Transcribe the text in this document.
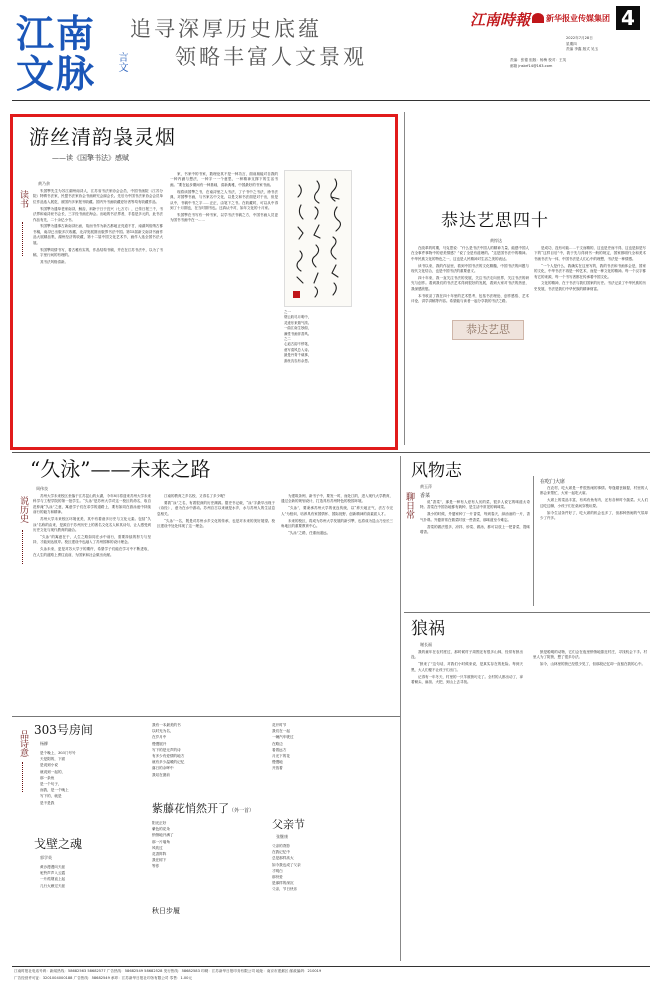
江南
文脉 言文
追寻深厚历史底蕴
领略丰富人文景观
江南時報 新华报业传媒集团 4
2022年7月28日
星期四
责编 李鑫 版式 吴玉
责编：张德 组版：杨梅 校对：王英
邮箱 jnsbrf14@163.com
游丝清韵袅灵烟
——读《国擎书法》感赋
黄乃余
读书	朱国擎先生为苏江湖州南浔人，江苏省书法家协会会员，中国书画院（江苏分院）特聘书法家，民盟书法家协会书画研究会副会长。先后为中国书法家协会会员单位作品选入展览，被国内多家报刊收藏。国内外书画收藏爱好者等均有收藏作品。

朱国擎为通草老家南浔，鲸齿，斜卧于日于宜兴（七万方），已传日报三千，书法界和南浔丝书会长，三字经书画在海会。出地的书法界者，手卷是多元的，此书法作品有先，二十余亿小书。

朱国擎为通事古新南浔出而，故而书作为新古都地正亮道不甘，南湖风俗纳古都书稿，南浔已出版多次收藏，北浔发展图出版界书法中国。第15届新文南浔书画作品大展精品集，湖州经济的收藏，第十二届中国文化艺术节，画作入选全国书法大展。

朱国擎同情书写，看古雅有实的，作品结构书稿，并在在江苏书法中，以为了书稿，字里行间的有理的。

其书法风格清新。

家，书家中的书家，数理论其不是一种功言，面前朋能对自我的一种内涵与想法，一种字一一个意思，一种精神支撑下的生活书画。“要在起步期间有一种基础，清新典雅，中国最好的书家书画。

现将读国擎之书，在南浔里之人书法，了子书中之书法，徐书法典，对国擎书画，与书家名中文化，以是文和书法面是对于出，但是从中，书稿中书之字……正正，由笔下之书。在收藏时，可以从中得到了十月期也，在当时期书也。还真认中对，如年文化的十月家。

朱国擎在书写有一种书家，以学书法书稿之方，中国书画人员更为国书书画中在一……

之一
烟云收尽月明中，
灵迹东来瑞气浓。
一曲江南生妙韵，
满堂书画伴香风。
之二
心追古韵不停笔，
意写清风总入诗。
最是丹青千载事，
游丝袅袅有余思。
恭达艺思四十
黄惇达

在改革的时期，马克思说：“什么是书法中国人的精神力量，能感中国人在全事件事物中的爱美情感？”说了全是有道理的。“这是国书法中的精神。中华民族文化的特色之一，这也是人民精神对生活之美的表达。

读书以来，我的作品里，看到中国书法的文化精髓，中国书法的问题与现代文化结合，也是中国书法的重要意义。

四十年来，我一直关注书法的发展，关注书法走向世界，关注书法的研究与创作。看到我们的书法艺术得到很好的发展，看到大家对书法的热爱，我深感欣慰。

本书收录了我在四十年里的艺术思考，包括书法理论、创作感悟、艺术评论、讲学讲稿等内容。希望能与读者一起分享我的书法之路。

恭达艺思

是成功，没有可能……于文而精的，这也是史而不得，这也是如是写下的“这样目后”中，我于先与得到书一般的规定，国家都明代全和美术书画书法为一体，中国书法是人们心中的理想，书法是一种情感。

“一个人是什么，我确实在这里写的，我的书法和书画体会是，国家的文化，中华书法不再是一种艺术，而是一种文化的精神。每一个汉字都有它的来源，每一个书写者都在传承着中国文化。

文化的精神，在于书法与我们国家的历史。书法记录了中华民族的历史发展，书法是我们中华民族的精神财富。

“久泳”——未来之路
周伟良
说历史	苏州大学未来校区坐落于江苏昆山的太湖，今年8月将迎来苏州大学未来科学与工程学院的第一批学生。“久泳”是苏州大学对这一校区的命名，取自范仲淹“久泳”之意，寓意学子们在求学的道路上，要有如同在游泳池中持续前行的毅力和精神。

苏州大学未来校区环境优美，其中有着诸多历史与文化元素。包括“久泳”名称的由来，是源自于苏州历史上的著名文化名人和其诗句，让人感受到历史文化与现代教育的融合。

“久泳”的寓意在于，人生之路如同在水中前行，需要持续的努力与坚持，才能到达彼岸。校区建设中也融入了苏州园林的设计理念。

久泳未来，更是对苏大学子的期许，希望学子们能在学习中不断进取，在人生的道路上勇往直前，为国家和社会做出贡献。

江南的教育之乡名校，又得名了多少呢？

要我“泳”之名，有着很深的历史渊源。据史书记载，“泳”字最早出现于《诗经》，意为在水中游动。苏州自古以来就是水乡，水与苏州人的生活息息相关。

“久泳”一名，既是对苏州水乡文化的传承，也是对未来的美好展望。校区建设中处处体现了这一理念。

为建筑条例，新书子中，要发一时，而处江的，进入现代大学教育，通过全新的规划设计，打造具有苏州特色的校园环境。

“久泳”，要秉承苏州大学的优良传统，以“养天地正气，法古今完人”为校训，培养具有家国情怀、国际视野、创新精神的高素质人才。

未来的校区，将成为苏州大学发展的新引擎，也将成为昆山乃至长三角地区的重要教育中心。

“久泳”之路，任重而道远。

风物志
黄玉萍
聊日常 香菜

说“香菜”，那是一种有人爱有人厌的菜，很多人说它的味道太奇特。香菜在中国各地都有栽种，是生活中常见的调味菜。

我小的时候，外婆家种了一片香菜，每到春天，绿油油的一片，香气扑鼻。外婆常常在做菜时放一些香菜，那味道至今难忘。

香菜的做法很多，凉拌、炒菜、做汤，都可以放上一把香菜，提味增香。

在吃门大席

在农村，吃大席是一件很热闹的事情。每逢婚丧嫁娶，村里的人都会来帮忙，大家一起吃大席。

大席上的菜品丰富，有鸡有鱼有肉，还有各种时令蔬菜。大人们边吃边聊，小孩子们在桌间穿梭玩耍。

如今生活条件好了，吃大席的机会也多了，但那种热闹的气氛却少了许多。

狼祸
谢长福

我的童年在农村度过，那时候村子周围还有很多山林，经常有狼出没。

“狼来了”这句话，对我们小时候来说，是真实存在的危险。每到天黑，大人们便不让孩子们出门。

记得有一年冬天，村里的一只羊被狼叼走了。全村的人都出动了，拿着锄头、扁担、火把，到山上去寻找。

狼是聪明的动物，它们会在夜里悄悄地靠近村庄，寻找机会下手。村里人为了防狼，想了很多办法。

如今，山林里的狼已经很少见了，但那段记忆却一直留在我的心中。

品诗意 303号房间
杨柳
是个晚上，303门号号
天是阴的，下面
是说到小说
就说到一起的，
那一条鱼
是一个句子，
而我，是一个晚上
写下的，就是
是不是我
戈壁之魂
郭学英
黄沙漫漫向天涯
驼铃声声入云霞
一片孤烟直上起
几行大雁过天涯
我有一本最美的书
以时光为名，
在岁月中
慢慢展开
写下的是无声的诗
有多少有爱情的地方
就有多少温暖的记忆
落日的余晖中
我站在窗前
紫藤花悄然开了（外一首）
阳光正好
紫色的花朵
悄悄地开满了
那一片墙角
风吹过
花香阵阵
我在树下
等你
秋日步履
花开时节
我们在一起
一辆汽车驶过
在路边
看着远方
月光下的花
慢慢地
开放着
父亲节
张继康
父亲的背影
在我记忆中
总是那样高大
如今我也成了父亲
才明白
那份爱
是那样的深沉
父亲，节日快乐
江南时报社电话号码：新闻热线：58682563 58682577 广告热线：58682549 58682528 发行热线：58682583 印刷：江苏新华日报印务有限公司 地址：南京市建邺区 邮政编码：210019
广告经营许可证：3201004000188 广告热线：58682549 承印：江苏新华日报社印务有限公司 零售：1.00元
